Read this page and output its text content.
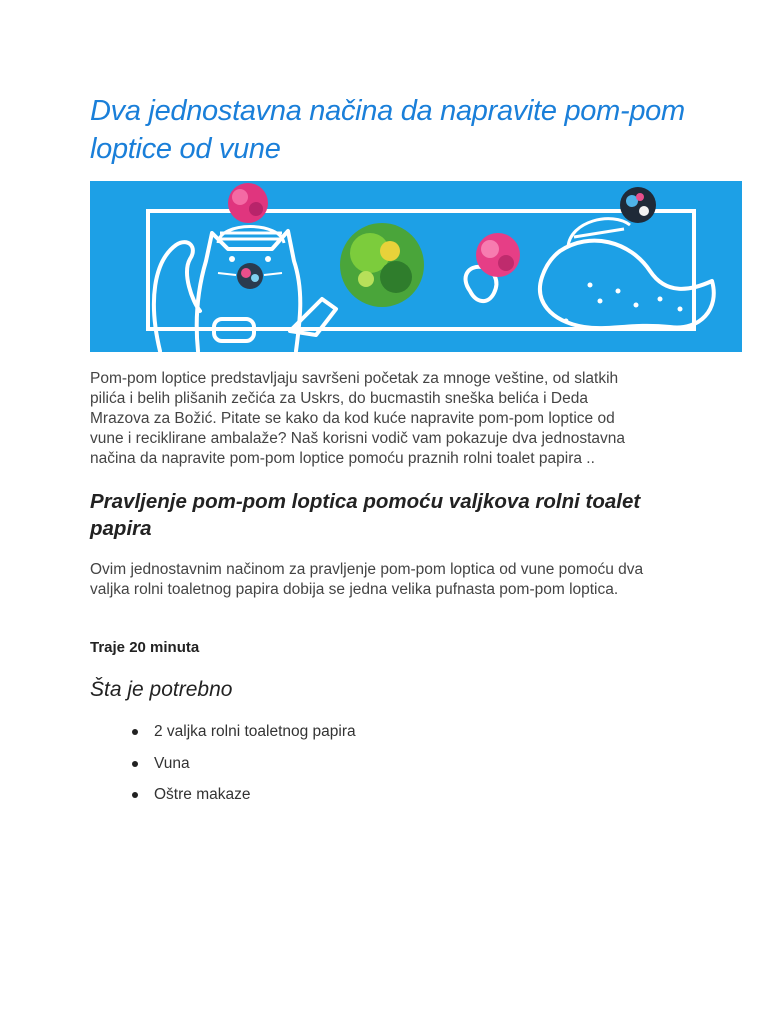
Dva jednostavna načina da napravite pom-pom loptice od vune

Pom-pom loptice predstavljaju savršeni početak za mnoge veštine, od slatkih pilića i belih plišanih zečića za Uskrs, do bucmastih sneška belića i Deda Mrazova za Božić. Pitate se kako da kod kuće napravite pom-pom loptice od vune i reciklirane ambalaže? Naš korisni vodič vam pokazuje dva jednostavna načina da napravite pom-pom loptice pomoću praznih rolni toalet papira ..

Pravljenje pom-pom loptica pomoću valjkova rolni toalet papira

Ovim jednostavnim načinom za pravljenje pom-pom loptica od vune pomoću dva valjka rolni toaletnog papira dobija se jedna velika pufnasta pom-pom loptica.

Traje 20 minuta

Šta je potrebno
2 valjka rolni toaletnog papira
Vuna
Oštre makaze
